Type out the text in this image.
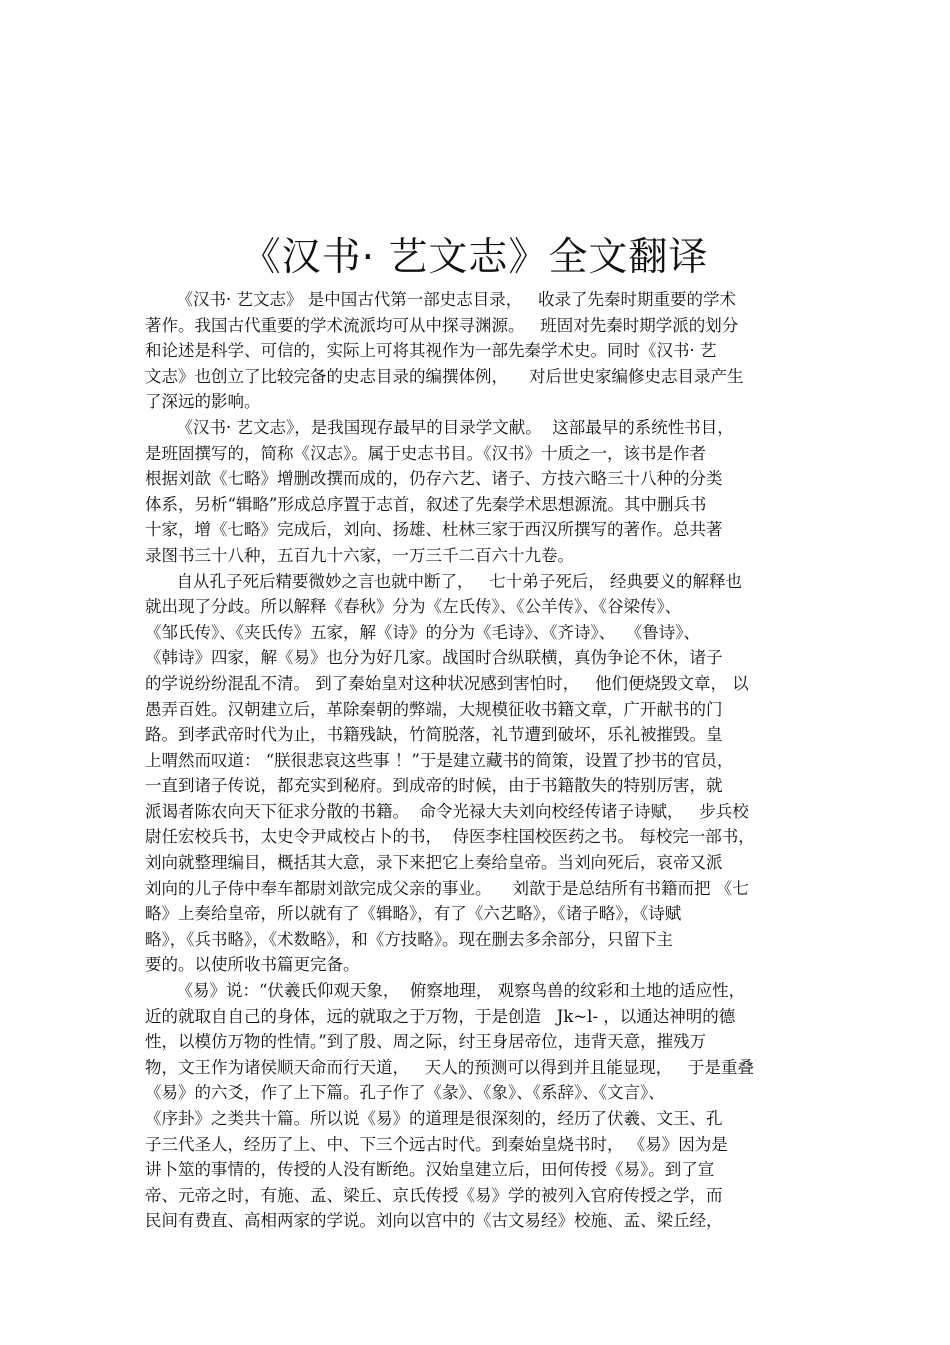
《汉书· 艺文志》全文翻译
《汉书· 艺文志》 是中国古代第一部史志目录，   收录了先秦时期重要的学术
著作。我国古代重要的学术流派均可从中探寻渊源。   班固对先秦时期学派的划分
和论述是科学、可信的，实际上可将其视作为一部先秦学术史。同时《汉书· 艺
文志》也创立了比较完备的史志目录的编撰体例，    对后世史家编修史志目录产生
了深远的影响。
《汉书· 艺文志》，是我国现存最早的目录学文献。  这部最早的系统性书目，
是班固撰写的，简称《汉志》。属于史志书目。《汉书》十质之一，该书是作者
根据刘歆《七略》增删改撰而成的，仍存六艺、诸子、方技六略三十八种的分类
体系，另析“辑略”形成总序置于志首，叙述了先秦学术思想源流。其中删兵书
十家，增《七略》完成后，刘向、扬雄、杜林三家于西汉所撰写的著作。总共著
录图书三十八种，五百九十六家，一万三千二百六十九卷。
自从孔子死后精要微妙之言也就中断了，   七十弟子死后， 经典要义的解释也
就出现了分歧。所以解释《春秋》分为《左氏传》、《公羊传》、《谷梁传》、
《邹氏传》、《夹氏传》五家，解《诗》的分为《毛诗》、《齐诗》、  《鲁诗》、
《韩诗》四家，解《易》也分为好几家。战国时合纵联横，真伪争论不休，诸子
的学说纷纷混乱不清。 到了秦始皇对这种状况感到害怕时，   他们便烧毁文章， 以
愚弄百姓。汉朝建立后，革除秦朝的弊端，大规模征收书籍文章，广开献书的门
路。到孝武帝时代为止，书籍残缺，竹简脱落，礼节遭到破坏，乐礼被摧毁。皇
上喟然而叹道： “朕很悲哀这些事 ！”于是建立藏书的简策，设置了抄书的官员，
一直到诸子传说，都充实到秘府。到成帝的时候，由于书籍散失的特别厉害，就
派谒者陈农向天下征求分散的书籍。  命令光禄大夫刘向校经传诸子诗赋，   步兵校
尉任宏校兵书，太史令尹咸校占卜的书，  侍医李柱国校医药之书。 每校完一部书，
刘向就整理编目，概括其大意，录下来把它上奏给皇帝。当刘向死后，哀帝又派
刘向的儿子侍中奉车都尉刘歆完成父亲的事业。    刘歆于是总结所有书籍而把 《七
略》上奏给皇帝，所以就有了《辑略》，有了《六艺略》，《诸子略》，《诗赋
略》，《兵书略》，《术数略》，和《方技略》。现在删去多余部分，只留下主
要的。以使所收书篇更完备。
《易》说：“伏羲氏仰观天象，  俯察地理， 观察鸟兽的纹彩和土地的适应性，
近的就取自自己的身体，远的就取之于万物，于是创造   Jk~l- ，以通达神明的德
性，以模仿万物的性情。”到了殷、周之际，纣王身居帝位，违背天意，摧残万
物，文王作为诸侯顺天命而行天道，   天人的预测可以得到并且能显现，   于是重叠
《易》的六爻，作了上下篇。孔子作了《彖》、《象》、《系辞》、《文言》、
《序卦》之类共十篇。所以说《易》的道理是很深刻的，经历了伏羲、文王、孔
子三代圣人，经历了上、中、下三个远古时代。到秦始皇烧书时， 《易》因为是
讲卜筮的事情的，传授的人没有断绝。汉始皇建立后，田何传授《易》。到了宣
帝、元帝之时，有施、孟、梁丘、京氏传授《易》学的被列入官府传授之学，而
民间有费直、高相两家的学说。刘向以宫中的《古文易经》校施、孟、梁丘经，
